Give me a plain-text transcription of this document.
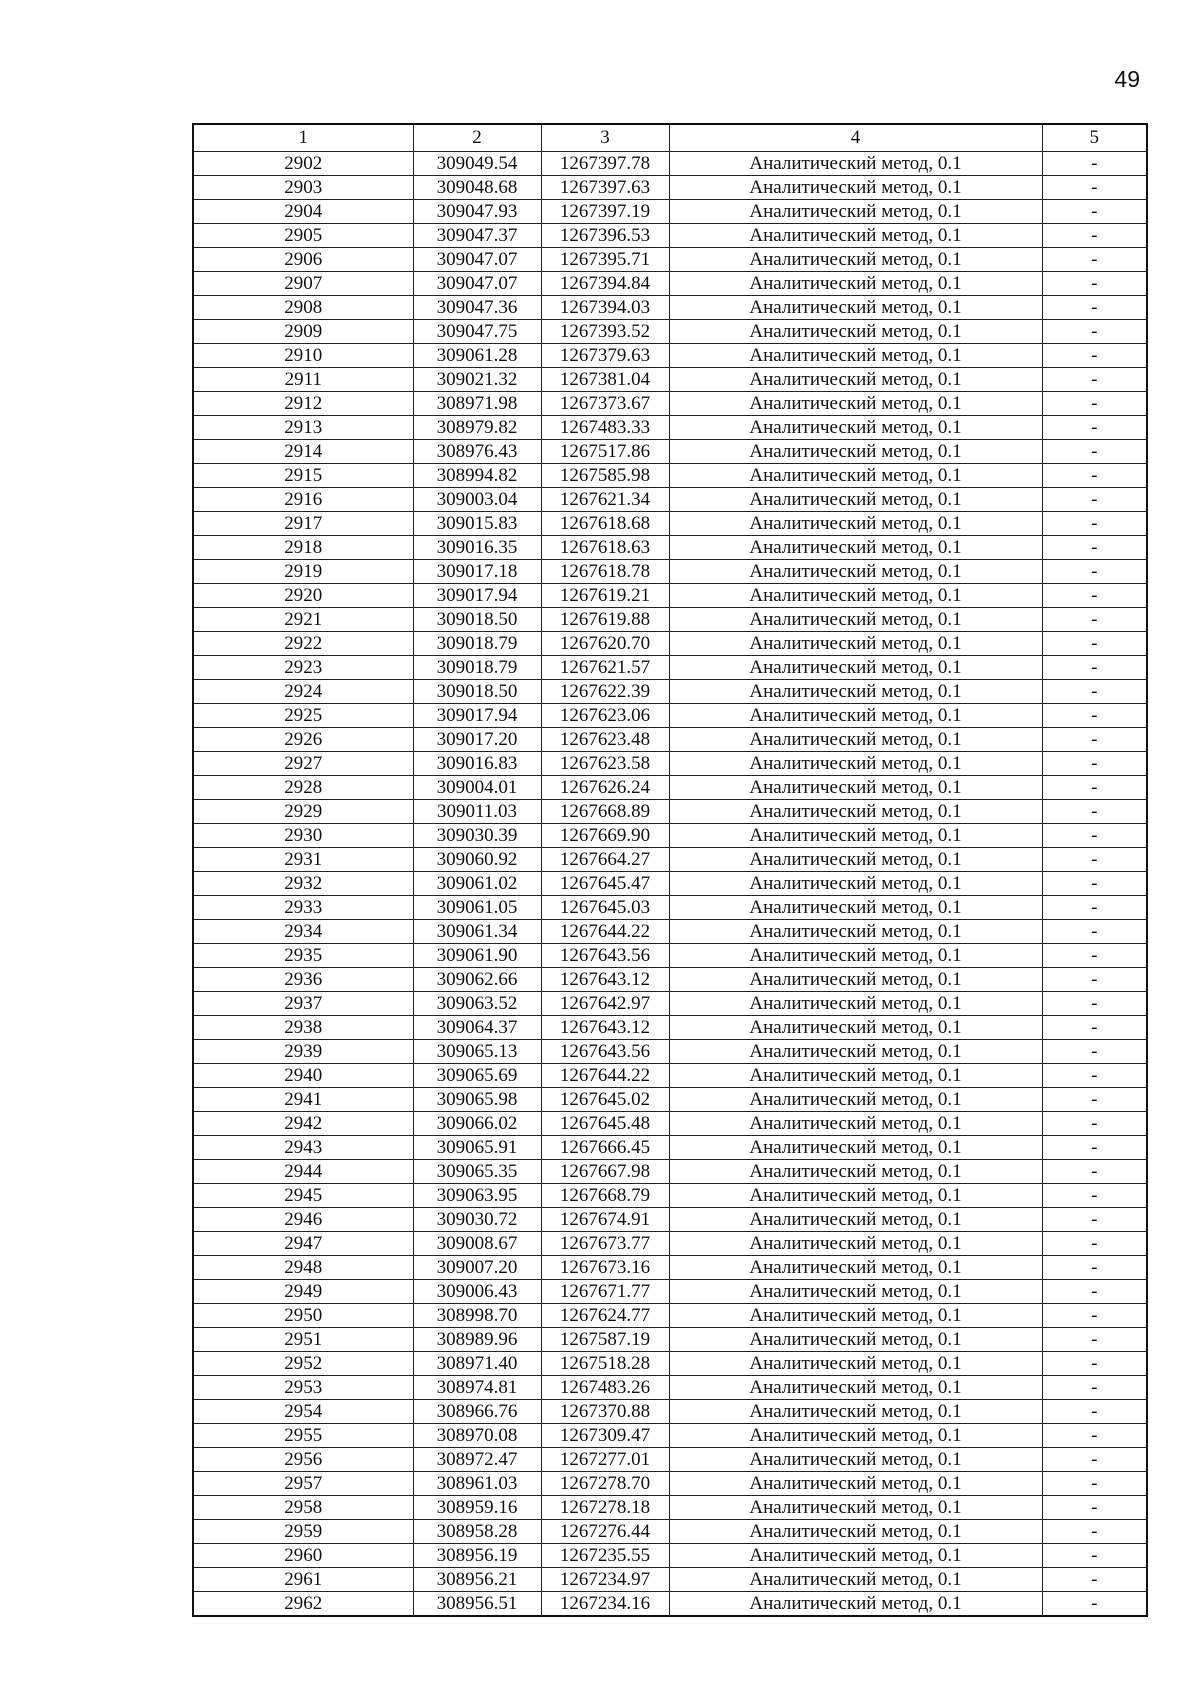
49
1	2	3	4	5
2902	309049.54	1267397.78	Аналитический метод, 0.1	-
2903	309048.68	1267397.63	Аналитический метод, 0.1	-
2904	309047.93	1267397.19	Аналитический метод, 0.1	-
2905	309047.37	1267396.53	Аналитический метод, 0.1	-
2906	309047.07	1267395.71	Аналитический метод, 0.1	-
2907	309047.07	1267394.84	Аналитический метод, 0.1	-
2908	309047.36	1267394.03	Аналитический метод, 0.1	-
2909	309047.75	1267393.52	Аналитический метод, 0.1	-
2910	309061.28	1267379.63	Аналитический метод, 0.1	-
2911	309021.32	1267381.04	Аналитический метод, 0.1	-
2912	308971.98	1267373.67	Аналитический метод, 0.1	-
2913	308979.82	1267483.33	Аналитический метод, 0.1	-
2914	308976.43	1267517.86	Аналитический метод, 0.1	-
2915	308994.82	1267585.98	Аналитический метод, 0.1	-
2916	309003.04	1267621.34	Аналитический метод, 0.1	-
2917	309015.83	1267618.68	Аналитический метод, 0.1	-
2918	309016.35	1267618.63	Аналитический метод, 0.1	-
2919	309017.18	1267618.78	Аналитический метод, 0.1	-
2920	309017.94	1267619.21	Аналитический метод, 0.1	-
2921	309018.50	1267619.88	Аналитический метод, 0.1	-
2922	309018.79	1267620.70	Аналитический метод, 0.1	-
2923	309018.79	1267621.57	Аналитический метод, 0.1	-
2924	309018.50	1267622.39	Аналитический метод, 0.1	-
2925	309017.94	1267623.06	Аналитический метод, 0.1	-
2926	309017.20	1267623.48	Аналитический метод, 0.1	-
2927	309016.83	1267623.58	Аналитический метод, 0.1	-
2928	309004.01	1267626.24	Аналитический метод, 0.1	-
2929	309011.03	1267668.89	Аналитический метод, 0.1	-
2930	309030.39	1267669.90	Аналитический метод, 0.1	-
2931	309060.92	1267664.27	Аналитический метод, 0.1	-
2932	309061.02	1267645.47	Аналитический метод, 0.1	-
2933	309061.05	1267645.03	Аналитический метод, 0.1	-
2934	309061.34	1267644.22	Аналитический метод, 0.1	-
2935	309061.90	1267643.56	Аналитический метод, 0.1	-
2936	309062.66	1267643.12	Аналитический метод, 0.1	-
2937	309063.52	1267642.97	Аналитический метод, 0.1	-
2938	309064.37	1267643.12	Аналитический метод, 0.1	-
2939	309065.13	1267643.56	Аналитический метод, 0.1	-
2940	309065.69	1267644.22	Аналитический метод, 0.1	-
2941	309065.98	1267645.02	Аналитический метод, 0.1	-
2942	309066.02	1267645.48	Аналитический метод, 0.1	-
2943	309065.91	1267666.45	Аналитический метод, 0.1	-
2944	309065.35	1267667.98	Аналитический метод, 0.1	-
2945	309063.95	1267668.79	Аналитический метод, 0.1	-
2946	309030.72	1267674.91	Аналитический метод, 0.1	-
2947	309008.67	1267673.77	Аналитический метод, 0.1	-
2948	309007.20	1267673.16	Аналитический метод, 0.1	-
2949	309006.43	1267671.77	Аналитический метод, 0.1	-
2950	308998.70	1267624.77	Аналитический метод, 0.1	-
2951	308989.96	1267587.19	Аналитический метод, 0.1	-
2952	308971.40	1267518.28	Аналитический метод, 0.1	-
2953	308974.81	1267483.26	Аналитический метод, 0.1	-
2954	308966.76	1267370.88	Аналитический метод, 0.1	-
2955	308970.08	1267309.47	Аналитический метод, 0.1	-
2956	308972.47	1267277.01	Аналитический метод, 0.1	-
2957	308961.03	1267278.70	Аналитический метод, 0.1	-
2958	308959.16	1267278.18	Аналитический метод, 0.1	-
2959	308958.28	1267276.44	Аналитический метод, 0.1	-
2960	308956.19	1267235.55	Аналитический метод, 0.1	-
2961	308956.21	1267234.97	Аналитический метод, 0.1	-
2962	308956.51	1267234.16	Аналитический метод, 0.1	-
